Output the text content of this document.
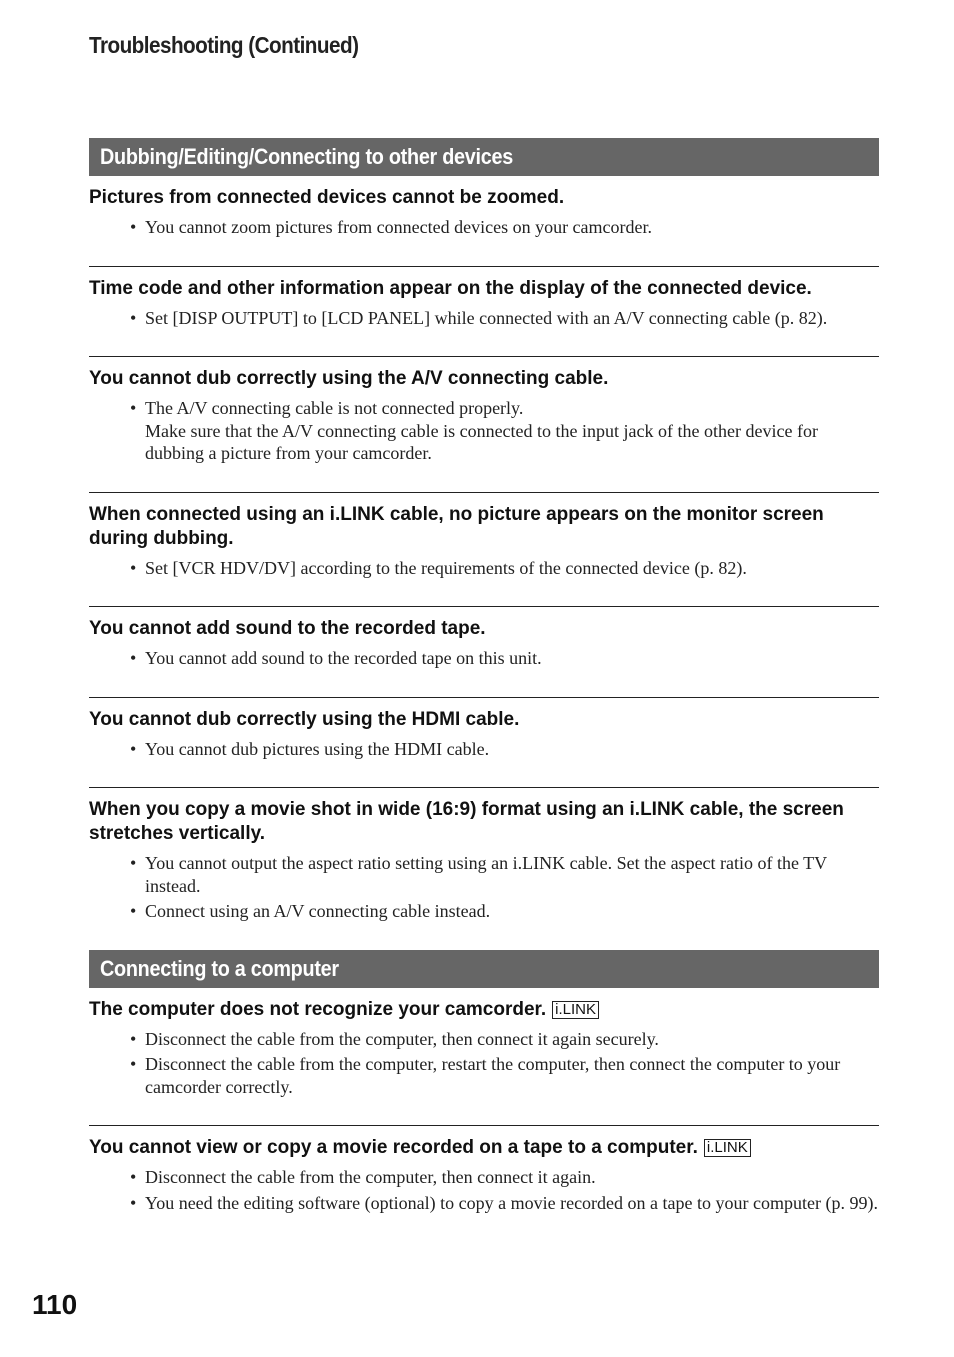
Troubleshooting (Continued)
Dubbing/Editing/Connecting to other devices
Pictures from connected devices cannot be zoomed.
• You cannot zoom pictures from connected devices on your camcorder.
Time code and other information appear on the display of the connected device.
• Set [DISP OUTPUT] to [LCD PANEL] while connected with an A/V connecting cable (p. 82).
You cannot dub correctly using the A/V connecting cable.
• The A/V connecting cable is not connected properly.
Make sure that the A/V connecting cable is connected to the input jack of the other device for dubbing a picture from your camcorder.
When connected using an i.LINK cable, no picture appears on the monitor screen during dubbing.
• Set [VCR HDV/DV] according to the requirements of the connected device (p. 82).
You cannot add sound to the recorded tape.
• You cannot add sound to the recorded tape on this unit.
You cannot dub correctly using the HDMI cable.
• You cannot dub pictures using the HDMI cable.
When you copy a movie shot in wide (16:9) format using an i.LINK cable, the screen stretches vertically.
• You cannot output the aspect ratio setting using an i.LINK cable. Set the aspect ratio of the TV instead.
• Connect using an A/V connecting cable instead.
Connecting to a computer
The computer does not recognize your camcorder. i.LINK
• Disconnect the cable from the computer, then connect it again securely.
• Disconnect the cable from the computer, restart the computer, then connect the computer to your camcorder correctly.
You cannot view or copy a movie recorded on a tape to a computer. i.LINK
• Disconnect the cable from the computer, then connect it again.
• You need the editing software (optional) to copy a movie recorded on a tape to your computer (p. 99).
110
